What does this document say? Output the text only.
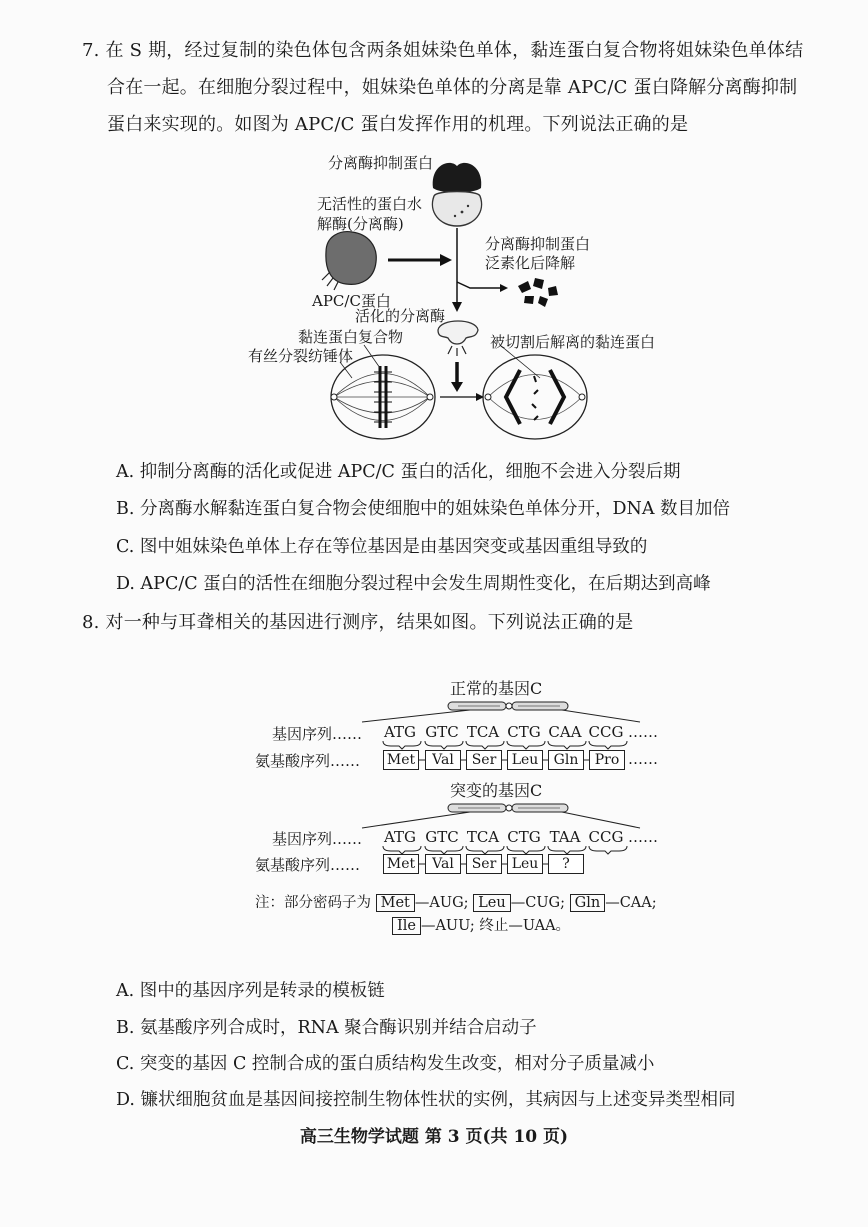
7. 在 S 期，经过复制的染色体包含两条姐妹染色单体，黏连蛋白复合物将姐妹染色单体结
合在一起。在细胞分裂过程中，姐妹染色单体的分离是靠 APC/C 蛋白降解分离酶抑制
蛋白来实现的。如图为 APC/C 蛋白发挥作用的机理。下列说法正确的是
分离酶抑制蛋白
无活性的蛋白水
解酶(分离酶)
APC/C蛋白
分离酶抑制蛋白
泛素化后降解
活化的分离酶
黏连蛋白复合物
有丝分裂纺锤体
被切割后解离的黏连蛋白
A. 抑制分离酶的活化或促进 APC/C 蛋白的活化，细胞不会进入分裂后期
B. 分离酶水解黏连蛋白复合物会使细胞中的姐妹染色单体分开，DNA 数目加倍
C. 图中姐妹染色单体上存在等位基因是由基因突变或基因重组导致的
D. APC/C 蛋白的活性在细胞分裂过程中会发生周期性变化，在后期达到高峰
8. 对一种与耳聋相关的基因进行测序，结果如图。下列说法正确的是
正常的基因C
突变的基因C
基因序列……	ATG GTC TCA CTG CAA CCG ……
氨基酸序列…… Met	Val	Ser	Leu	Gln	Pro ……
基因序列……	ATG GTC TCA CTG TAA CCG ……
氨基酸序列…… Met	Val	Ser	Leu	?
注：部分密码子为 Met —AUG; Leu —CUG; Gln —CAA;
Ile —AUU; 终止—UAA。
A. 图中的基因序列是转录的模板链
B. 氨基酸序列合成时，RNA 聚合酶识别并结合启动子
C. 突变的基因 C 控制合成的蛋白质结构发生改变，相对分子质量减小
D. 镰状细胞贫血是基因间接控制生物体性状的实例，其病因与上述变异类型相同
高三生物学试题 第 3 页(共 10 页)
